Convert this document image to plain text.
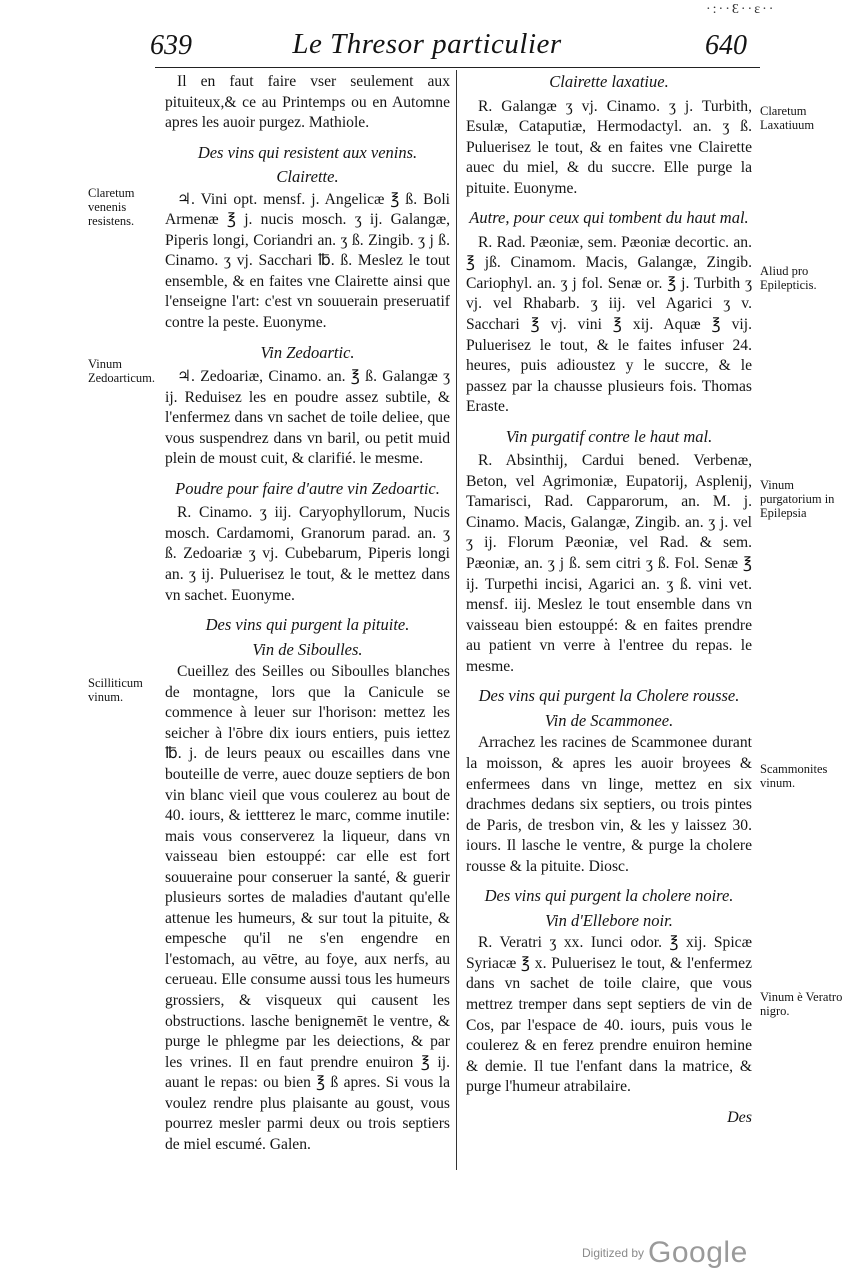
·:··Ɛ··ɛ··
639	Le Thresor particulier	640

Il en faut faire vser seulement aux pituiteux,& ce au Printemps ou en Automne apres les auoir purgez. Mathiole.

Des vins qui resistent aux venins.
Clairette.

♃. Vini opt. mensf. j. Angelicæ ℥ ß. Boli Armenæ ℥ j. nucis mosch. ʒ ij. Galangæ, Piperis longi, Coriandri an. ʒ ß. Zingib. ʒ j ß. Cinamo. ʒ vj. Sacchari ℔. ß. Meslez le tout ensemble, & en faites vne Clairette ainsi que l'enseigne l'art: c'est vn souuerain preseruatif contre la peste. Euonyme.

Vin Zedoartic.

♃. Zedoariæ, Cinamo. an. ℥ ß. Galangæ ʒ ij. Reduisez les en poudre assez subtile, & l'enfermez dans vn sachet de toile deliee, que vous suspendrez dans vn baril, ou petit muid plein de moust cuit, & clarifié. le mesme.

Poudre pour faire d'autre vin Zedoartic.

R. Cinamo. ʒ iij. Caryophyllorum, Nucis mosch. Cardamomi, Granorum parad. an. ʒ ß. Zedoariæ ʒ vj. Cubebarum, Piperis longi an. ʒ ij. Puluerisez le tout, & le mettez dans vn sachet. Euonyme.

Des vins qui purgent la pituite.
Vin de Siboulles.

Cueillez des Seilles ou Siboulles blanches de montagne, lors que la Canicule se commence à leuer sur l'horison: mettez les seicher à l'ōbre dix iours entiers, puis iettez ℔. j. de leurs peaux ou escailles dans vne bouteille de verre, auec douze septiers de bon vin blanc vieil que vous coulerez au bout de 40. iours, & iettterez le marc, comme inutile: mais vous conserverez la liqueur, dans vn vaisseau bien estouppé: car elle est fort souueraine pour conseruer la santé, & guerir plusieurs sortes de maladies d'autant qu'elle attenue les humeurs, & sur tout la pituite, & empesche qu'il ne s'en engendre en l'estomach, au vētre, au foye, aux nerfs, au cerueau. Elle consume aussi tous les humeurs grossiers, & visqueux qui causent les obstructions. lasche benignemēt le ventre, & purge le phlegme par les deiections, & par les vrines. Il en faut prendre enuiron ℥ ij. auant le repas: ou bien ℥ ß apres. Si vous la voulez rendre plus plaisante au goust, vous pourrez mesler parmi deux ou trois septiers de miel escumé. Galen.

Clairette laxatiue.

R. Galangæ ʒ vj. Cinamo. ʒ j. Turbith, Esulæ, Cataputiæ, Hermodactyl. an. ʒ ß. Puluerisez le tout, & en faites vne Clairette auec du miel, & du succre. Elle purge la pituite. Euonyme.

Autre, pour ceux qui tombent du haut mal.

R. Rad. Pæoniæ, sem. Pæoniæ decortic. an. ℥ jß. Cinamom. Macis, Galangæ, Zingib. Cariophyl. an. ʒ j fol. Senæ or. ℥ j. Turbith ʒ vj. vel Rhabarb. ʒ iij. vel Agarici ʒ v. Sacchari ℥ vj. vini ℥ xij. Aquæ ℥ vij. Puluerisez le tout, & le faites infuser 24. heures, puis adioustez y le succre, & le passez par la chausse plusieurs fois. Thomas Eraste.

Vin purgatif contre le haut mal.

R. Absinthij, Cardui bened. Verbenæ, Beton, vel Agrimoniæ, Eupatorij, Asplenij, Tamarisci, Rad. Capparorum, an. M. j. Cinamo. Macis, Galangæ, Zingib. an. ʒ j. vel ʒ ij. Florum Pæoniæ, vel Rad. & sem. Pæoniæ, an. ʒ j ß. sem citri ʒ ß. Fol. Senæ ℥ ij. Turpethi incisi, Agarici an. ʒ ß. vini vet. mensf. iij. Meslez le tout ensemble dans vn vaisseau bien estouppé: & en faites prendre au patient vn verre à l'entree du repas. le mesme.

Des vins qui purgent la Cholere rousse.
Vin de Scammonee.

Arrachez les racines de Scammonee durant la moisson, & apres les auoir broyees & enfermees dans vn linge, mettez en six drachmes dedans six septiers, ou trois pintes de Paris, de tresbon vin, & les y laissez 30. iours. Il lasche le ventre, & purge la cholere rousse & la pituite. Diosc.

Des vins qui purgent la cholere noire.
Vin d'Ellebore noir.

R. Veratri ʒ xx. Iunci odor. ℥ xij. Spicæ Syriacæ ℥ x. Puluerisez le tout, & l'enfermez dans vn sachet de toile claire, que vous mettrez tremper dans sept septiers de vin de Cos, par l'espace de 40. iours, puis vous le coulerez & en ferez prendre enuiron hemine & demie. Il tue l'enfant dans la matrice, & purge l'humeur atrabilaire.

Des
Claretum venenis resistens.
Vinum Zedoarticum.
Scilliticum vinum.
Claretum Laxatiuum
Aliud pro Epilepticis.
Vinum purgatorium in Epilepsia
Scammonites vinum.
Vinum è Veratro nigro.
Digitized by Google
